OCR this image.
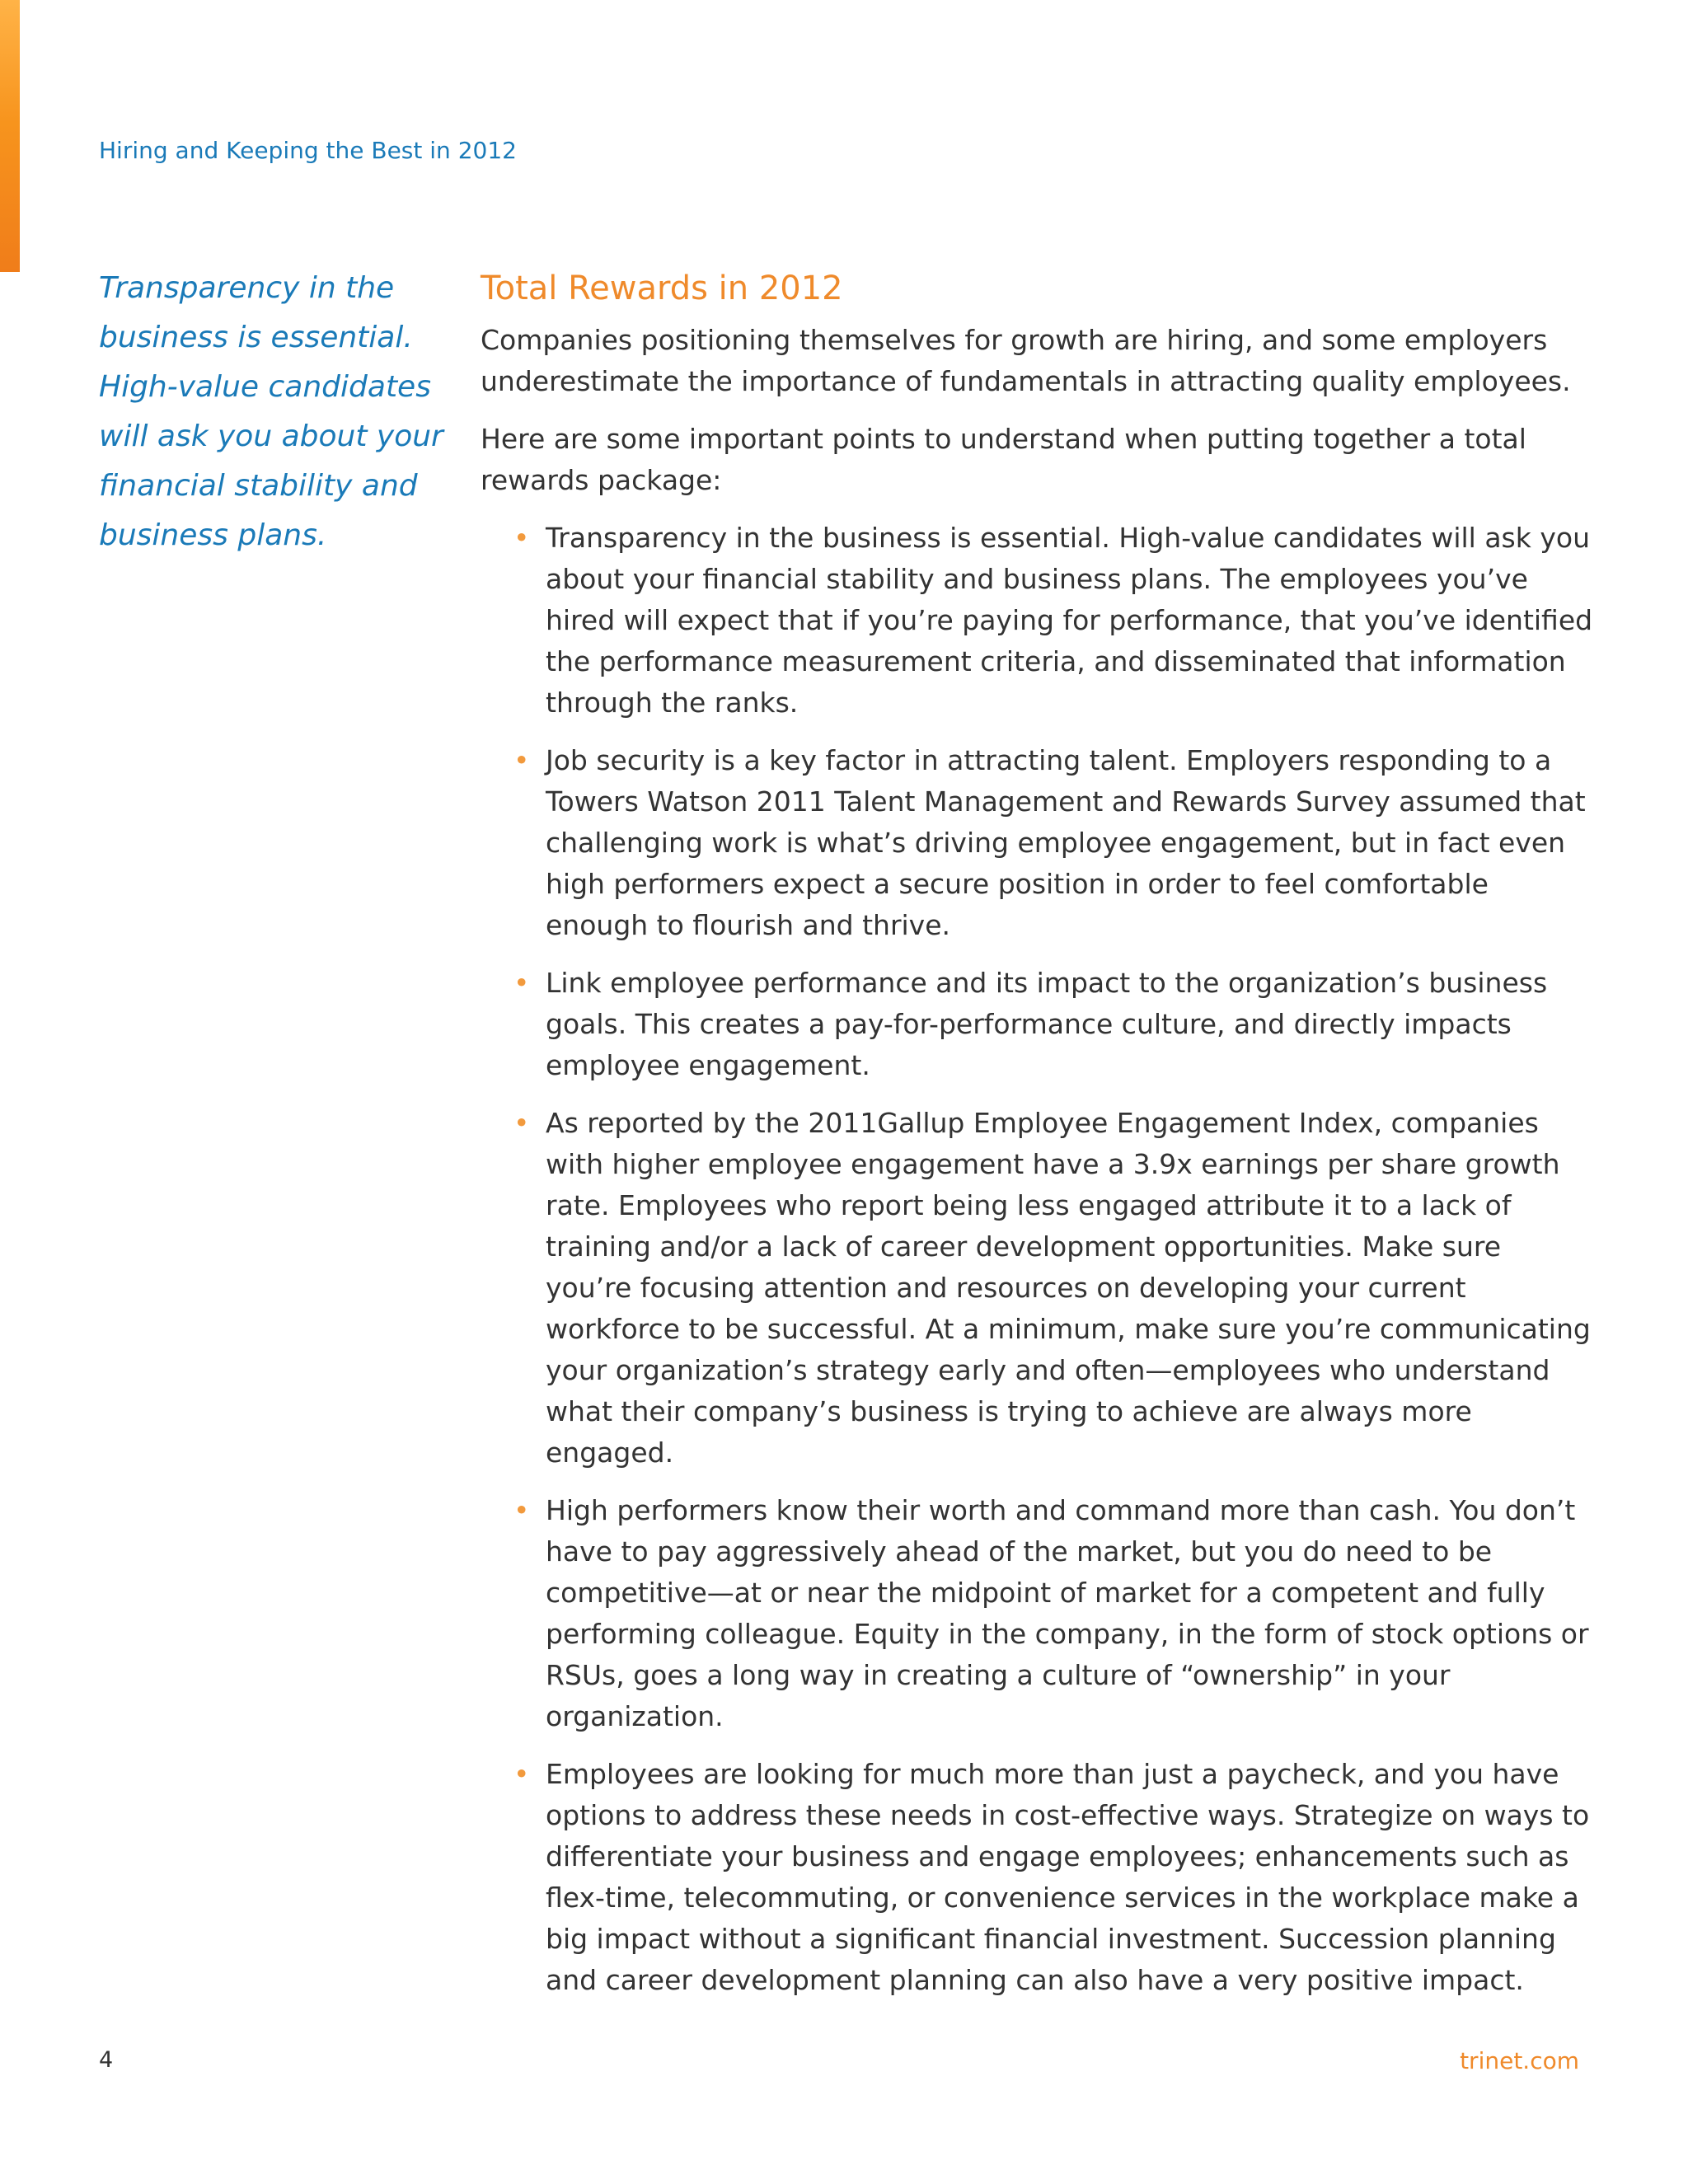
Hiring and Keeping the Best in 2012
Transparency in the business is essential. High-value candidates will ask you about your financial stability and business plans.
Total Rewards in 2012

Companies positioning themselves for growth are hiring, and some employers underestimate the importance of fundamentals in attracting quality employees.

Here are some important points to understand when putting together a total rewards package:

• Transparency in the business is essential. High-value candidates will ask you about your financial stability and business plans. The employees you’ve hired will expect that if you’re paying for performance, that you’ve identified the performance measurement criteria, and disseminated that information through the ranks.
• Job security is a key factor in attracting talent. Employers responding to a Towers Watson 2011 Talent Management and Rewards Survey assumed that challenging work is what’s driving employee engagement, but in fact even high performers expect a secure position in order to feel comfortable enough to flourish and thrive.
• Link employee performance and its impact to the organization’s business goals. This creates a pay-for-performance culture, and directly impacts employee engagement.
• As reported by the 2011Gallup Employee Engagement Index, companies with higher employee engagement have a 3.9x earnings per share growth rate. Employees who report being less engaged attribute it to a lack of training and/or a lack of career development opportunities. Make sure you’re focusing attention and resources on developing your current workforce to be successful. At a minimum, make sure you’re communicating your organization’s strategy early and often—employees who understand what their company’s business is trying to achieve are always more engaged.
• High performers know their worth and command more than cash. You don’t have to pay aggressively ahead of the market, but you do need to be competitive—at or near the midpoint of market for a competent and fully performing colleague. Equity in the company, in the form of stock options or RSUs, goes a long way in creating a culture of “ownership” in your organization.
• Employees are looking for much more than just a paycheck, and you have options to address these needs in cost-effective ways. Strategize on ways to differentiate your business and engage employees; enhancements such as flex-time, telecommuting, or convenience services in the workplace make a big impact without a significant financial investment. Succession planning and career development planning can also have a very positive impact.
4	trinet.com
